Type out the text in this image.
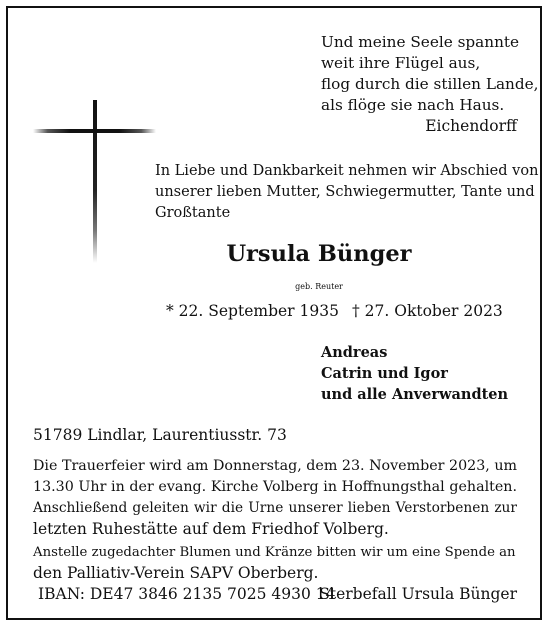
Und meine Seele spannte
weit ihre Flügel aus,
flog durch die stillen Lande,
als flöge sie nach Haus.
Eichendorff
In Liebe und Dankbarkeit nehmen wir Abschied von
unserer lieben Mutter, Schwiegermutter, Tante und
Großtante
Ursula Bünger
geb. Reuter
* 22. September 1935 † 27. Oktober 2023
Andreas
Catrin und Igor
und alle Anverwandten
51789 Lindlar, Laurentiusstr. 73
Die Trauerfeier wird am Donnerstag, dem 23. November 2023, um
13.30 Uhr in der evang. Kirche Volberg in Hoffnungsthal gehalten.
Anschließend geleiten wir die Urne unserer lieben Verstorbenen zur
letzten Ruhestätte auf dem Friedhof Volberg.
Anstelle zugedachter Blumen und Kränze bitten wir um eine Spende an
den Palliativ-Verein SAPV Oberberg.
IBAN: DE47 3846 2135 7025 4930 14
Sterbefall Ursula Bünger
